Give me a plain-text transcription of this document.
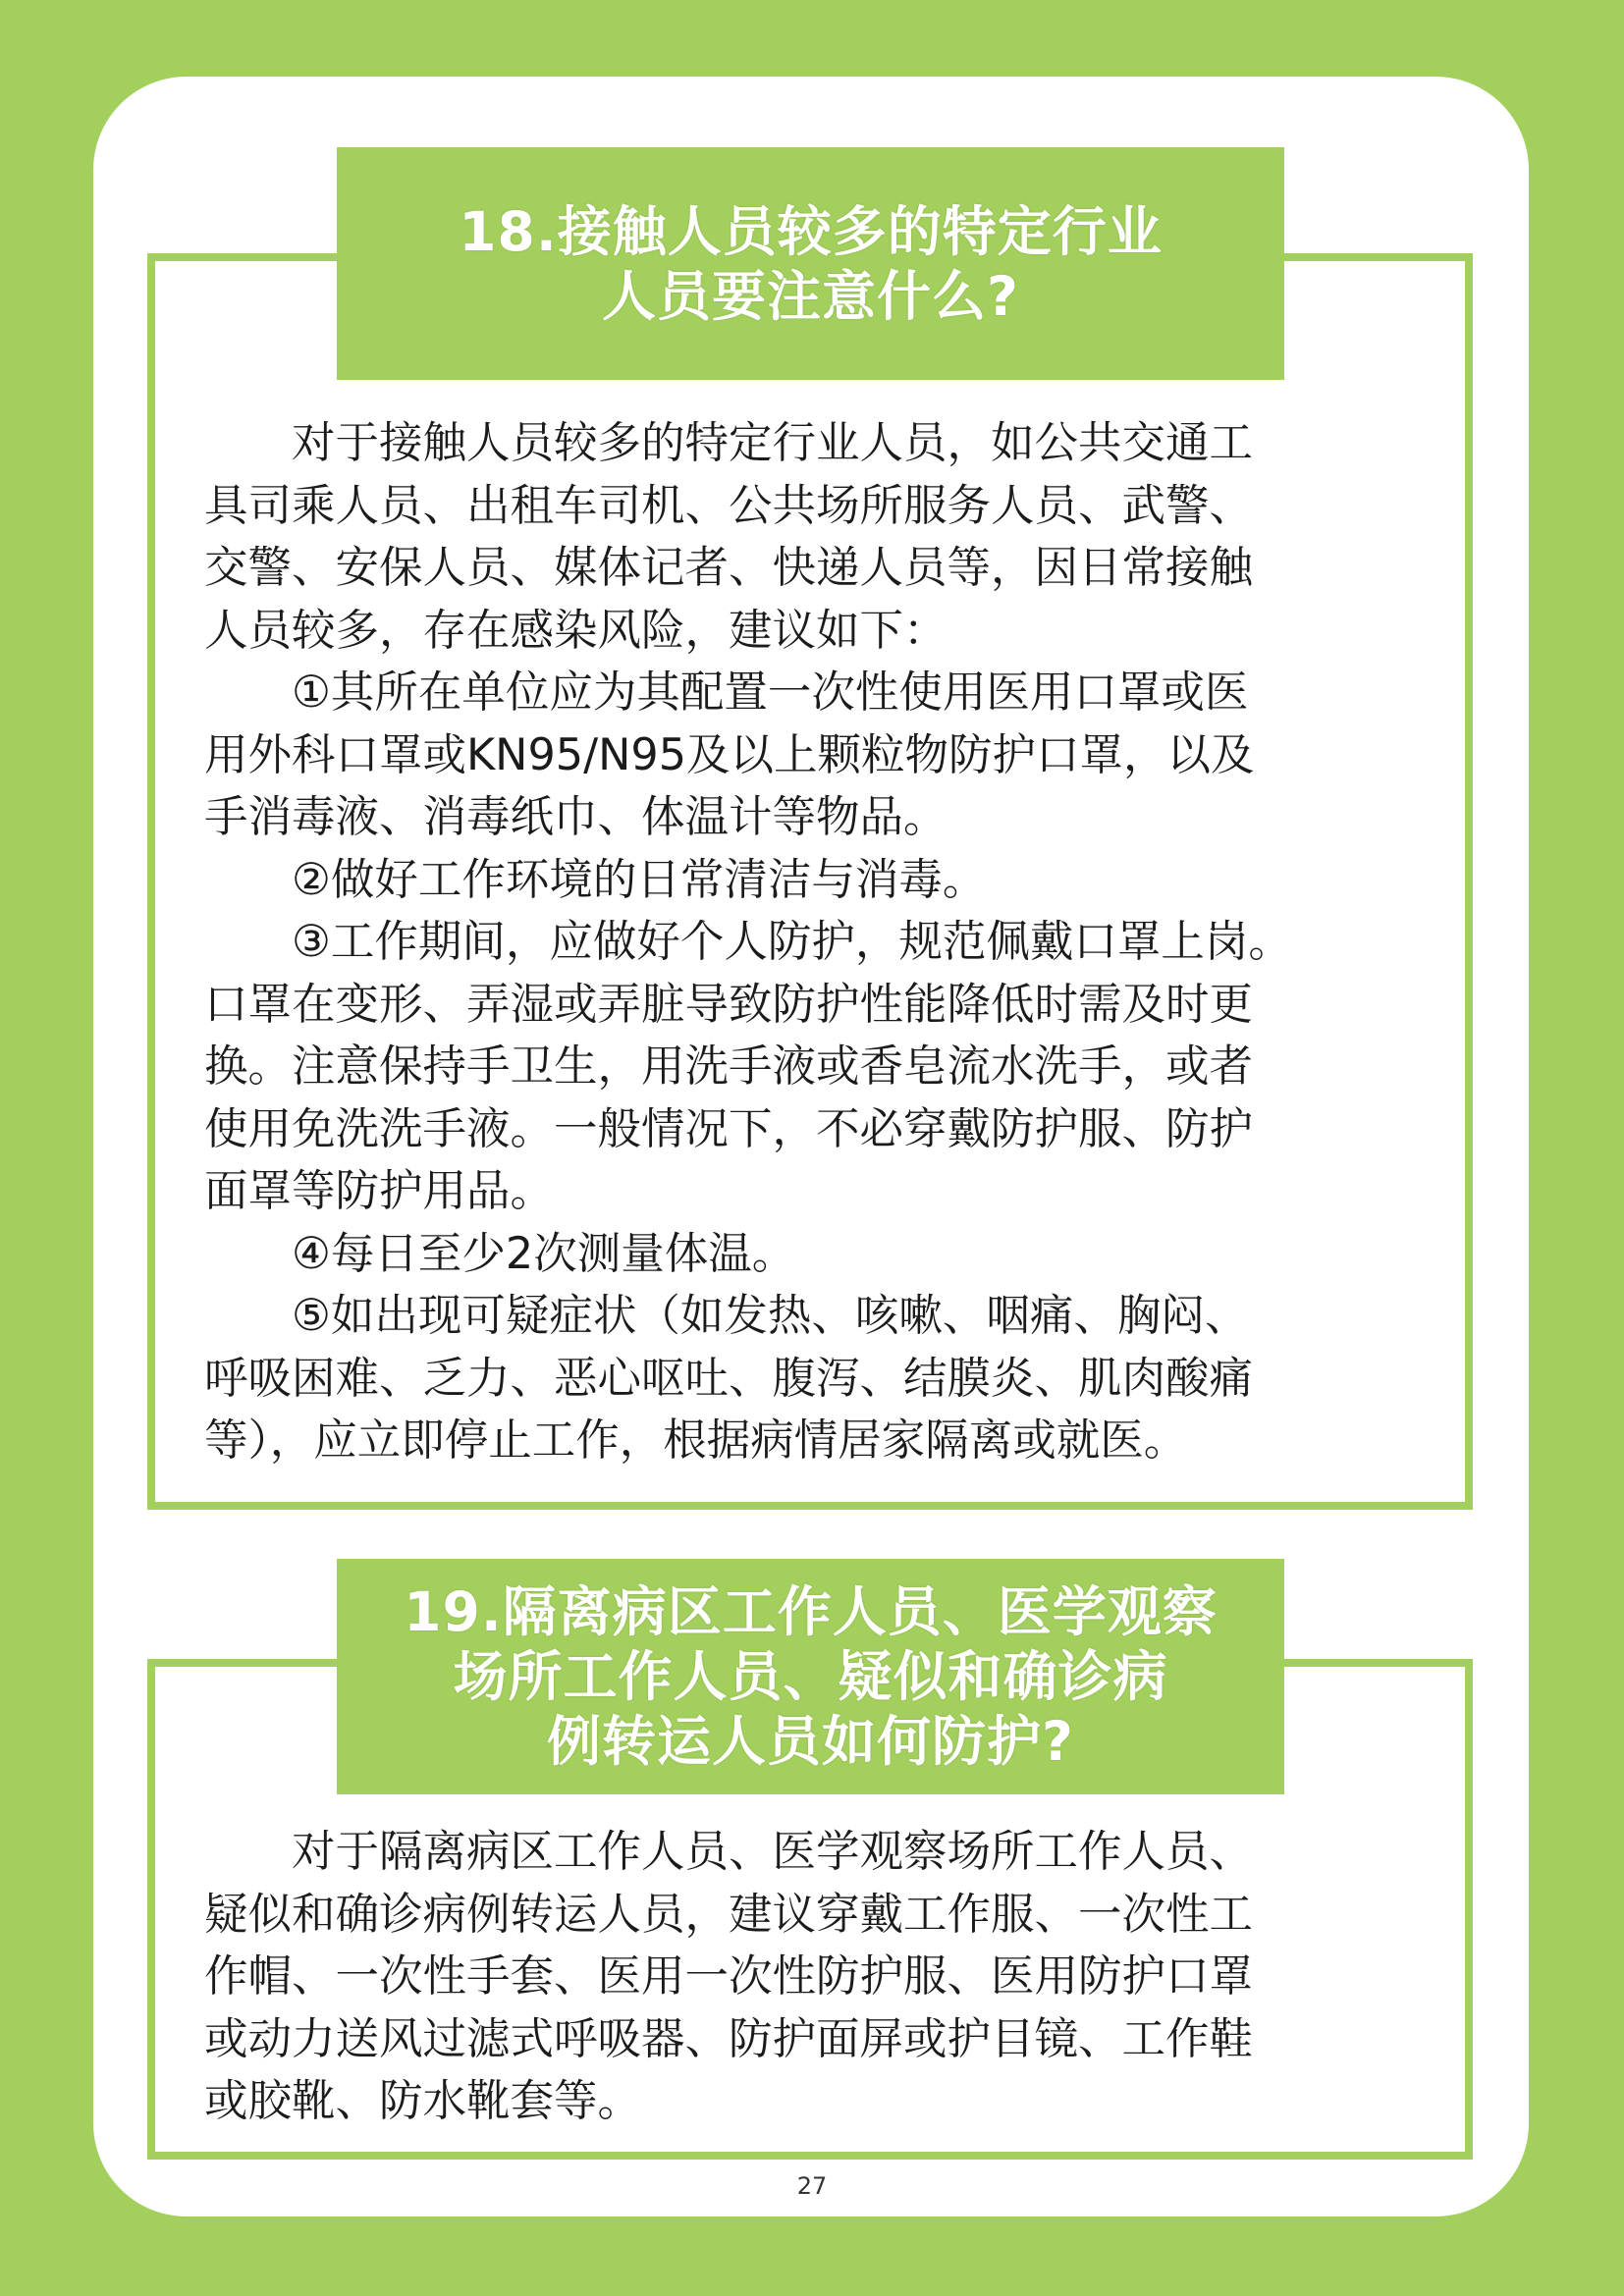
18.接触人员较多的特定行业
人员要注意什么?
对于接触人员较多的特定行业人员，如公共交通工
具司乘人员、出租车司机、公共场所服务人员、武警、
交警、安保人员、媒体记者、快递人员等，因日常接触
人员较多，存在感染风险，建议如下：
①其所在单位应为其配置一次性使用医用口罩或医
用外科口罩或KN95/N95及以上颗粒物防护口罩，以及
手消毒液、消毒纸巾、体温计等物品。
②做好工作环境的日常清洁与消毒。
③工作期间，应做好个人防护，规范佩戴口罩上岗。
口罩在变形、弄湿或弄脏导致防护性能降低时需及时更
换。注意保持手卫生，用洗手液或香皂流水洗手，或者
使用免洗洗手液。一般情况下，不必穿戴防护服、防护
面罩等防护用品。
④每日至少2次测量体温。
⑤如出现可疑症状（如发热、咳嗽、咽痛、胸闷、
呼吸困难、乏力、恶心呕吐、腹泻、结膜炎、肌肉酸痛
等），应立即停止工作，根据病情居家隔离或就医。
19.隔离病区工作人员、医学观察
场所工作人员、疑似和确诊病
例转运人员如何防护?
对于隔离病区工作人员、医学观察场所工作人员、
疑似和确诊病例转运人员，建议穿戴工作服、一次性工
作帽、一次性手套、医用一次性防护服、医用防护口罩
或动力送风过滤式呼吸器、防护面屏或护目镜、工作鞋
或胶靴、防水靴套等。
27
